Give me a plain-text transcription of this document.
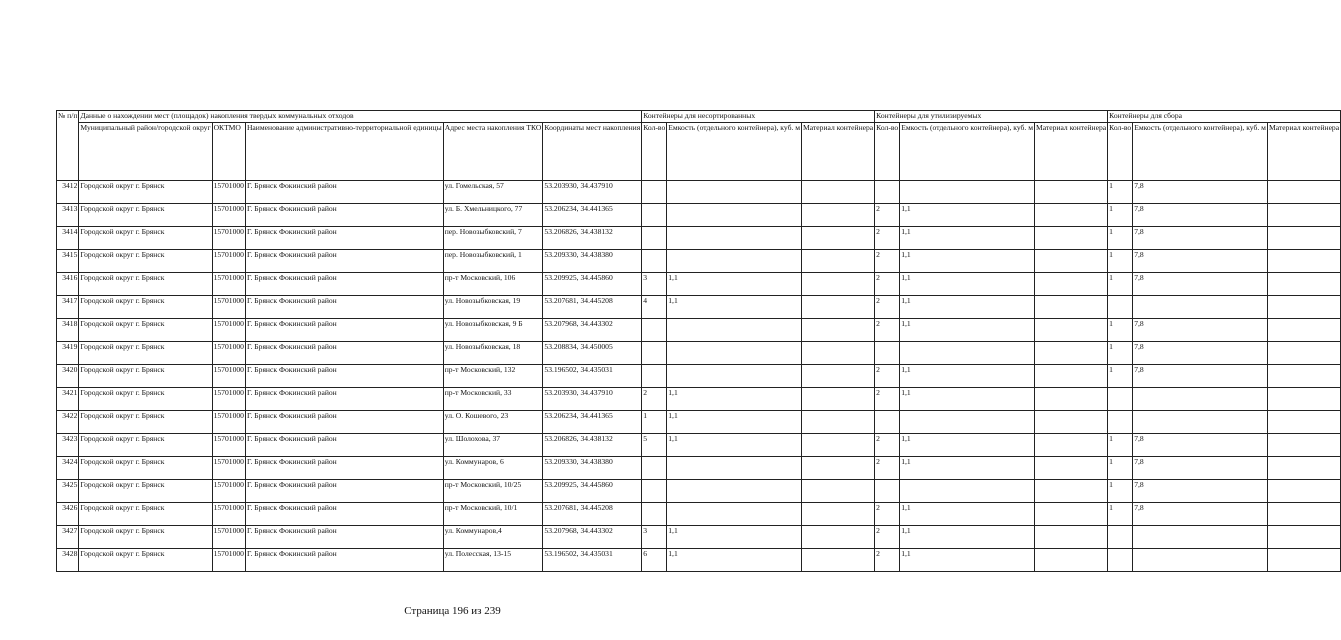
№ п/п	Данные о нахождении мест (площадок) накопления твердых коммунальных отходов					Контейнеры для несортированных			Контейнеры для утилизируемых			Контейнеры для сбора		
	Муниципальный район/городской округ	ОКТМО	Наименование административно-территориальной единицы	Адрес места накопления ТКО	Координаты мест накопления	Кол-во	Емкость (отдельного контейнера), куб. м	Материал контейнера	Кол-во	Емкость (отдельного контейнера), куб. м	Материал контейнера	Кол-во	Емкость (отдельного контейнера), куб. м	Материал контейнера
3412	Городской округ г. Брянск	15701000	Г. Брянск Фокинский район	ул. Гомельская, 57	53.203930, 34.437910							1	7,8	
3413	Городской округ г. Брянск	15701000	Г. Брянск Фокинский район	ул. Б. Хмельницкого, 77	53.206234, 34.441365				2	1,1		1	7,8	
3414	Городской округ г. Брянск	15701000	Г. Брянск Фокинский район	пер. Новозыбковский, 7	53.206826, 34.438132				2	1,1		1	7,8	
3415	Городской округ г. Брянск	15701000	Г. Брянск Фокинский район	пер. Новозыбковский, 1	53.209330, 34.438380				2	1,1		1	7,8	
3416	Городской округ г. Брянск	15701000	Г. Брянск Фокинский район	пр-т Московский, 106	53.209925, 34.445860	3	1,1		2	1,1		1	7,8	
3417	Городской округ г. Брянск	15701000	Г. Брянск Фокинский район	ул. Новозыбковская, 19	53.207681, 34.445208	4	1,1		2	1,1				
3418	Городской округ г. Брянск	15701000	Г. Брянск Фокинский район	ул. Новозыбковская, 9 Б	53.207968, 34.443302				2	1,1		1	7,8	
3419	Городской округ г. Брянск	15701000	Г. Брянск Фокинский район	ул. Новозыбковская, 18	53.208834, 34.450005							1	7,8	
3420	Городской округ г. Брянск	15701000	Г. Брянск Фокинский район	пр-т Московский, 132	53.196502, 34.435031				2	1,1		1	7,8	
3421	Городской округ г. Брянск	15701000	Г. Брянск Фокинский район	пр-т Московский, 33	53.203930, 34.437910	2	1,1		2	1,1				
3422	Городской округ г. Брянск	15701000	Г. Брянск Фокинский район	ул. О. Кошевого, 23	53.206234, 34.441365	1	1,1							
3423	Городской округ г. Брянск	15701000	Г. Брянск Фокинский район	ул. Шолохова, 37	53.206826, 34.438132	5	1,1		2	1,1		1	7,8	
3424	Городской округ г. Брянск	15701000	Г. Брянск Фокинский район	ул. Коммунаров, 6	53.209330, 34.438380				2	1,1		1	7,8	
3425	Городской округ г. Брянск	15701000	Г. Брянск Фокинский район	пр-т Московский, 10/25	53.209925, 34.445860							1	7,8	
3426	Городской округ г. Брянск	15701000	Г. Брянск Фокинский район	пр-т Московский, 10/1	53.207681, 34.445208				2	1,1		1	7,8	
3427	Городской округ г. Брянск	15701000	Г. Брянск Фокинский район	ул. Коммунаров,4	53.207968, 34.443302	3	1,1		2	1,1				
3428	Городской округ г. Брянск	15701000	Г. Брянск Фокинский район	ул. Полесская, 13-15	53.196502, 34.435031	6	1,1		2	1,1				
Страница 196 из 239
